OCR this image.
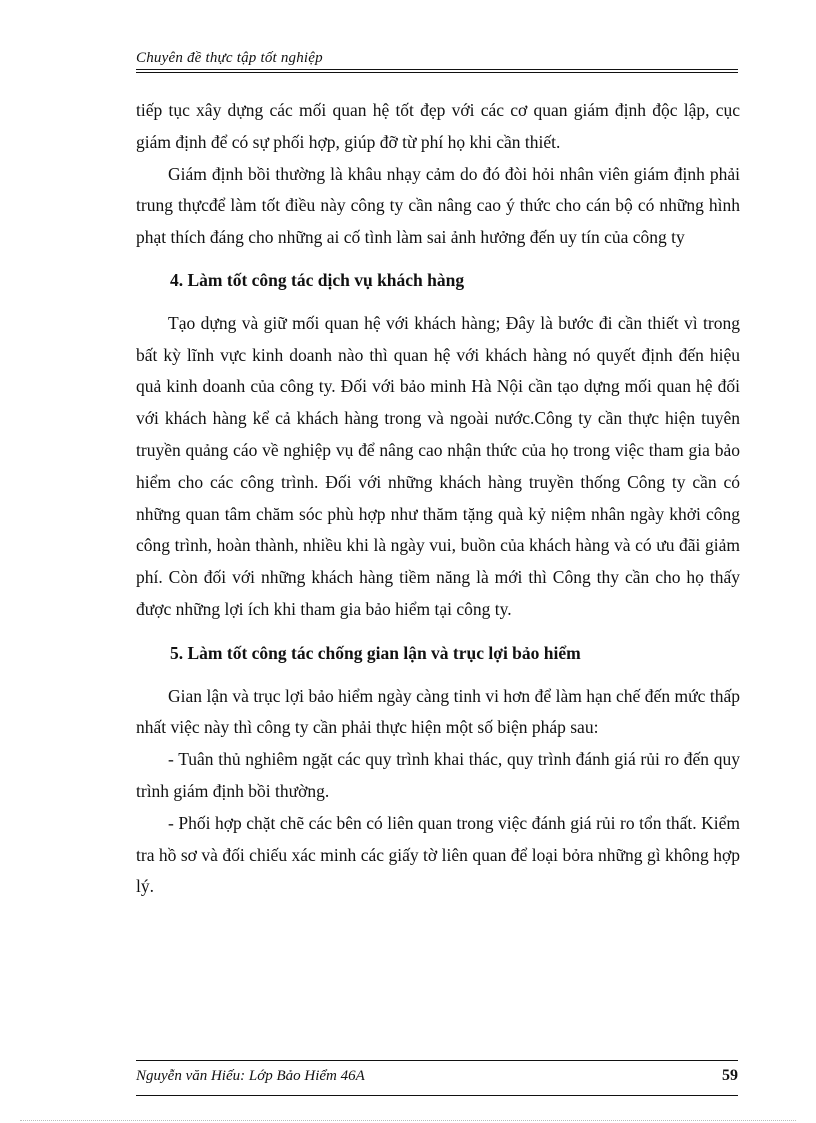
Chuyên đề thực tập tốt nghiệp

tiếp tục xây dựng các mối quan hệ tốt đẹp với các cơ quan giám định độc lập, cục giám định để có sự phối hợp, giúp đỡ từ phí họ khi cần thiết.

Giám định bồi thường là khâu nhạy cảm do đó đòi hỏi nhân viên giám định phải trung thựcđể làm tốt điều này công ty cần nâng cao ý thức cho cán bộ có những hình phạt thích đáng cho những ai cố tình làm sai ảnh hưởng đến uy tín của công ty

4. Làm tốt công tác dịch vụ khách hàng

Tạo dựng và giữ mối quan hệ với khách hàng; Đây là bước đi cần thiết vì trong bất kỳ lĩnh vực kinh doanh nào thì quan hệ với khách hàng nó quyết định đến hiệu quả kinh doanh của công ty. Đối với bảo minh Hà Nội cần tạo dựng mối quan hệ đối với khách hàng kể cả khách hàng trong và ngoài nước.Công ty cần thực hiện tuyên truyền quảng cáo về nghiệp vụ để nâng cao nhận thức của họ trong việc tham gia bảo hiểm cho các công trình. Đối với những khách hàng truyền thống Công ty cần có những quan tâm chăm sóc phù hợp như thăm tặng quà kỷ niệm nhân ngày khởi công công trình, hoàn thành, nhiều khi là ngày vui, buồn của khách hàng và có ưu đãi giảm phí. Còn đối với những khách hàng tiềm năng là mới thì Công thy cần cho họ thấy được những lợi ích khi tham gia bảo hiểm tại công ty.

5. Làm tốt công tác chống gian lận và trục lợi bảo hiểm

Gian lận và trục lợi bảo hiểm ngày càng tinh vi hơn để làm hạn chế đến mức thấp nhất việc này thì công ty cần phải thực hiện một số biện pháp sau:

- Tuân thủ nghiêm ngặt các quy trình khai thác, quy trình đánh giá rủi ro đến quy trình giám định bồi thường.

- Phối hợp chặt chẽ các bên có liên quan trong việc đánh giá rủi ro tổn thất. Kiểm tra hồ sơ và đối chiếu xác minh các giấy tờ liên quan để loại bỏra những gì không hợp lý.

Nguyễn văn Hiếu: Lớp Bảo Hiểm 46A	59
